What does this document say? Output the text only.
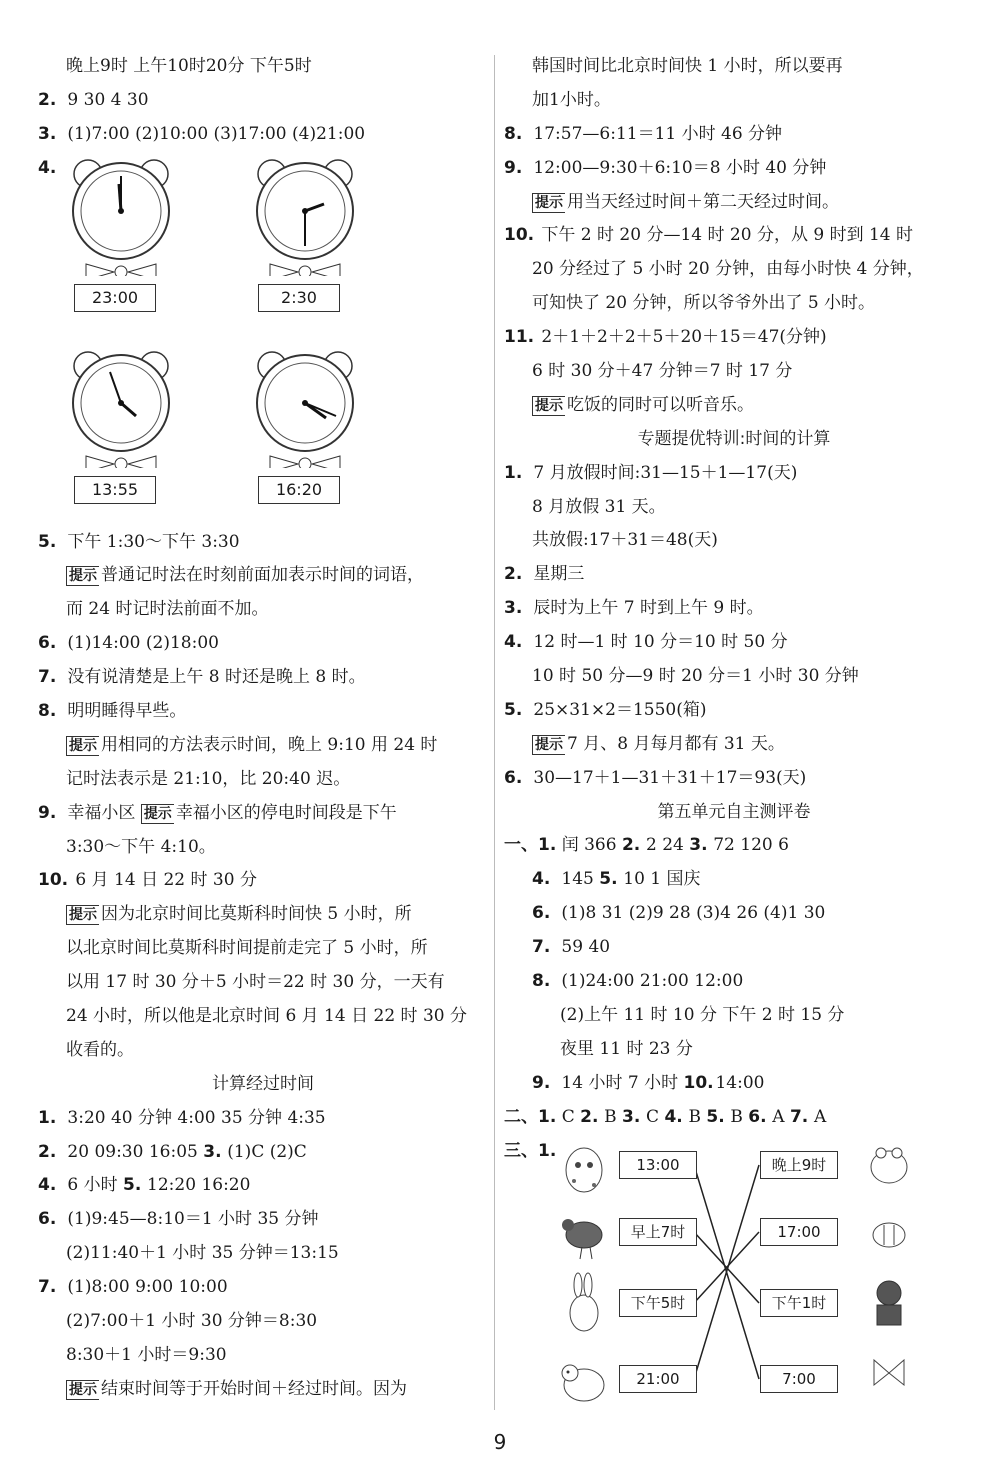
晚上9时 上午10时20分 下午5时
2. 9 30 4 30
3. (1)7:00 (2)10:00 (3)17:00 (4)21:00
4.
23:00	2:30
13:55	16:20
5. 下午 1:30～下午 3:30
提示 普通记时法在时刻前面加表示时间的词语，
而 24 时记时法前面不加。
6. (1)14:00 (2)18:00
7. 没有说清楚是上午 8 时还是晚上 8 时。
8. 明明睡得早些。
提示 用相同的方法表示时间，晚上 9:10 用 24 时
记时法表示是 21:10，比 20:40 迟。
9. 幸福小区 提示 幸福小区的停电时间段是下午
3:30～下午 4:10。
10. 6 月 14 日 22 时 30 分
提示 因为北京时间比莫斯科时间快 5 小时，所
以北京时间比莫斯科时间提前走完了 5 小时，所
以用 17 时 30 分＋5 小时＝22 时 30 分，一天有
24 小时，所以他是北京时间 6 月 14 日 22 时 30 分
收看的。
计算经过时间
1. 3:20 40 分钟 4:00 35 分钟 4:35
2. 20 09:30 16:05 3. (1)C (2)C
4. 6 小时 5. 12:20 16:20
6. (1)9:45—8:10＝1 小时 35 分钟
(2)11:40＋1 小时 35 分钟＝13:15
7. (1)8:00 9:00 10:00
(2)7:00＋1 小时 30 分钟＝8:30
8:30＋1 小时＝9:30
提示 结束时间等于开始时间＋经过时间。因为
韩国时间比北京时间快 1 小时，所以要再
加1小时。
8. 17:57—6:11＝11 小时 46 分钟
9. 12:00—9:30＋6:10＝8 小时 40 分钟
提示 用当天经过时间＋第二天经过时间。
10. 下午 2 时 20 分—14 时 20 分，从 9 时到 14 时
20 分经过了 5 小时 20 分钟，由每小时快 4 分钟，
可知快了 20 分钟，所以爷爷外出了 5 小时。
11. 2＋1＋2＋2＋5＋20＋15＝47(分钟)
6 时 30 分＋47 分钟＝7 时 17 分
提示 吃饭的同时可以听音乐。
专题提优特训:时间的计算
1. 7 月放假时间:31—15＋1—17(天)
8 月放假 31 天。
共放假:17＋31＝48(天)
2. 星期三
3. 辰时为上午 7 时到上午 9 时。
4. 12 时—1 时 10 分＝10 时 50 分
10 时 50 分—9 时 20 分＝1 小时 30 分钟
5. 25×31×2＝1550(箱)
提示 7 月、8 月每月都有 31 天。
6. 30—17＋1—31＋31＋17＝93(天)
第五单元自主测评卷
一、1. 闰 366 2. 2 24 3. 72 120 6
4. 145 5. 10 1 国庆
6. (1)8 31 (2)9 28 (3)4 26 (4)1 30
7. 59 40
8. (1)24:00 21:00 12:00
(2)上午 11 时 10 分 下午 2 时 15 分
夜里 11 时 23 分
9. 14 小时 7 小时 10. 14:00
二、1. C 2. B 3. C 4. B 5. B 6. A 7. A
三、1.
13:00
早上7时
下午5时
21:00
晚上9时
17:00
下午1时
7:00
9
